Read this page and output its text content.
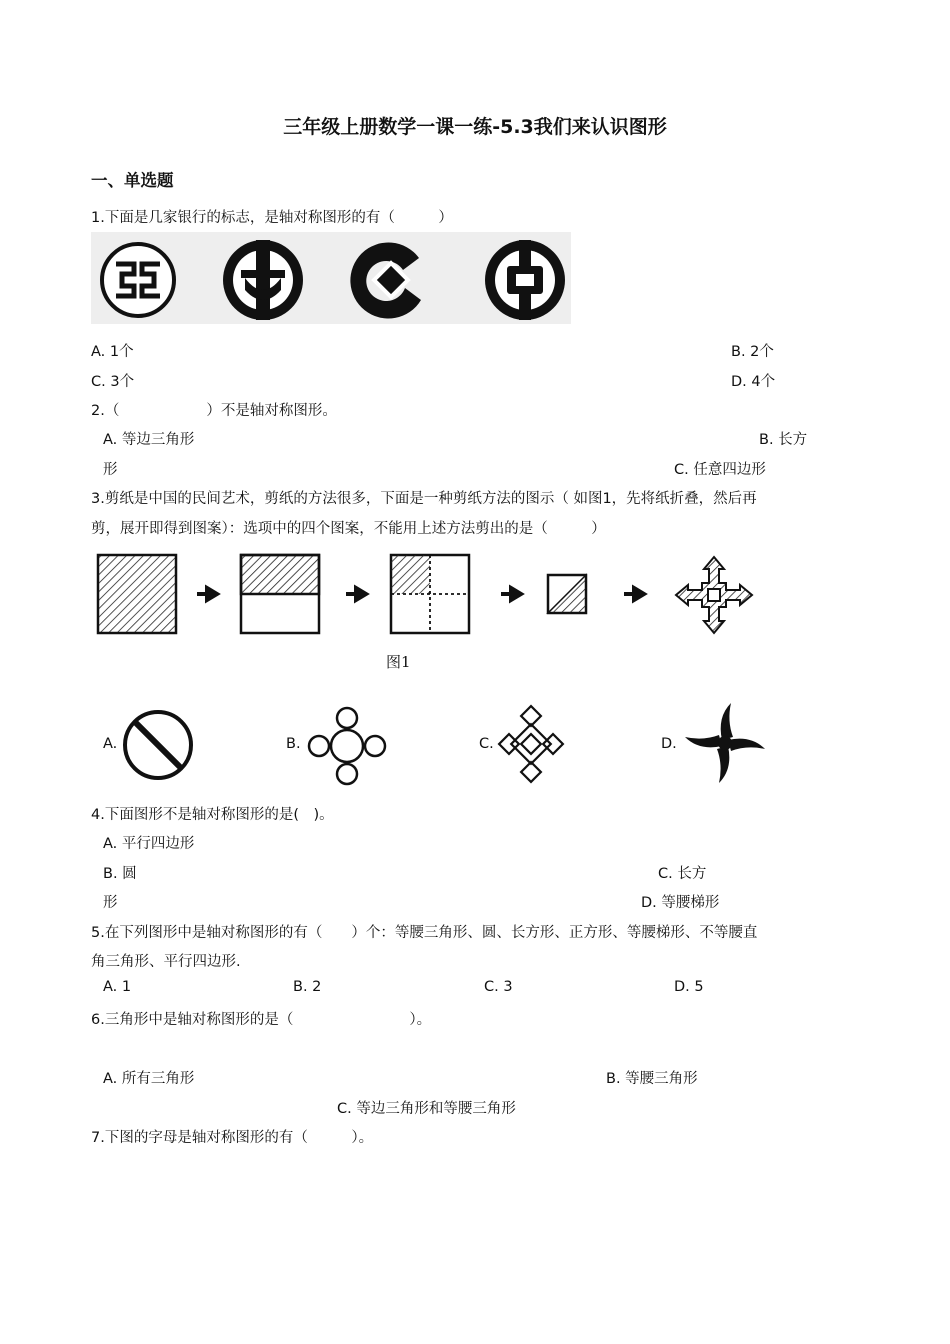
三年级上册数学一课一练-5.3我们来认识图形
一、单选题
1.下面是几家银行的标志，是轴对称图形的有（　　　）
A. 1个	B. 2个
C. 3个	D. 4个
2.（　　　　　　）不是轴对称图形。
A. 等边三角形	B. 长方
形	C. 任意四边形
3.剪纸是中国的民间艺术，剪纸的方法很多，下面是一种剪纸方法的图示（ 如图1，先将纸折叠，然后再
剪，展开即得到图案）：选项中的四个图案，不能用上述方法剪出的是（　　　）
图1
A.	B.	C.	D.
4.下面图形不是轴对称图形的是(　)。
A. 平行四边形
B. 圆	C. 长方
形	D. 等腰梯形
5.在下列图形中是轴对称图形的有（　　）个：等腰三角形、圆、长方形、正方形、等腰梯形、不等腰直
角三角形、平行四边形.
A. 1	B. 2	C. 3	D. 5
6.三角形中是轴对称图形的是（　　　　　　　　）。
A. 所有三角形	B. 等腰三角形
C. 等边三角形和等腰三角形
7.下图的字母是轴对称图形的有（　　　）。
